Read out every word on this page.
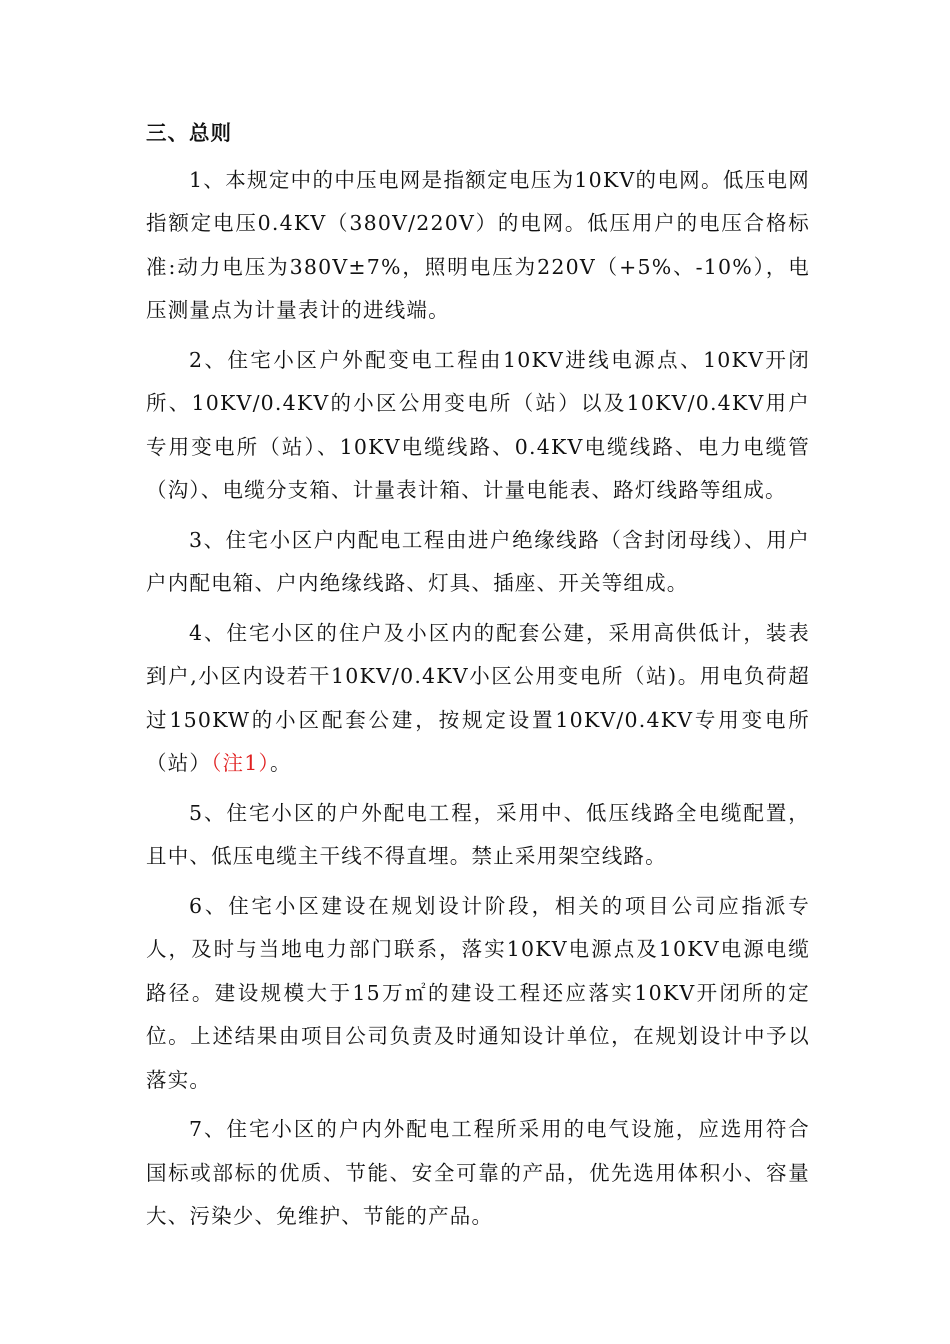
三、总则

1、本规定中的中压电网是指额定电压为10KV的电网。低压电网指额定电压0.4KV（380V/220V）的电网。低压用户的电压合格标准:动力电压为380V±7%，照明电压为220V（+5%、-10%），电压测量点为计量表计的进线端。

2、住宅小区户外配变电工程由10KV进线电源点、10KV开闭所、10KV/0.4KV的小区公用变电所（站）以及10KV/0.4KV用户专用变电所（站）、10KV电缆线路、0.4KV电缆线路、电力电缆管（沟）、电缆分支箱、计量表计箱、计量电能表、路灯线路等组成。

3、住宅小区户内配电工程由进户绝缘线路（含封闭母线）、用户户内配电箱、户内绝缘线路、灯具、插座、开关等组成。

4、住宅小区的住户及小区内的配套公建，采用高供低计，装表到户,小区内设若干10KV/0.4KV小区公用变电所（站)。用电负荷超过150KW的小区配套公建，按规定设置10KV/0.4KV专用变电所（站）（注1）。

5、住宅小区的户外配电工程，采用中、低压线路全电缆配置，且中、低压电缆主干线不得直埋。禁止采用架空线路。

6、住宅小区建设在规划设计阶段，相关的项目公司应指派专人，及时与当地电力部门联系，落实10KV电源点及10KV电源电缆路径。建设规模大于15万㎡的建设工程还应落实10KV开闭所的定位。上述结果由项目公司负责及时通知设计单位，在规划设计中予以落实。

7、住宅小区的户内外配电工程所采用的电气设施，应选用符合国标或部标的优质、节能、安全可靠的产品，优先选用体积小、容量大、污染少、免维护、节能的产品。
